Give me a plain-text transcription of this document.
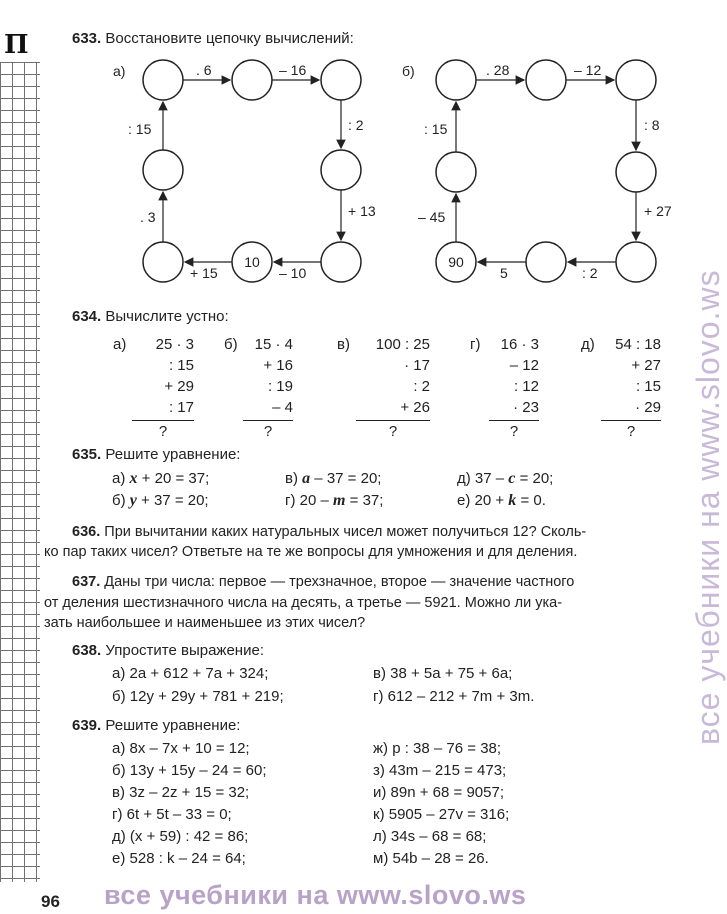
П	633. Восстановите цепочку вычислений:
а)	. 6	– 16
: 2
+ 13
– 10
+ 15
. 3
: 15
10
б)	. 28	– 12
: 8
+ 27
: 2
5
– 45
: 15
90
634. Вычислите устно:
а)	25 · 3
: 15
+ 29
: 17
?
б)	15 · 4
+ 16
: 19
– 4
?
в)	100 : 25
· 17
: 2
+ 26
?
г)	16 · 3
– 12
: 12
· 23
?
д)	54 : 18
+ 27
: 15
· 29
?
635. Решите уравнение:
а) x + 20 = 37;	в) a – 37 = 20;	д) 37 – c = 20;
б) y + 37 = 20;	г) 20 – m = 37;	е) 20 + k = 0.
636. При вычитании каких натуральных чисел может получиться 12? Сколь-
ко пар таких чисел? Ответьте на те же вопросы для умножения и для деления.
637. Даны три числа: первое — трехзначное, второе — значение частного
от деления шестизначного числа на десять, а третье — 5921. Можно ли ука-
зать наибольшее и наименьшее из этих чисел?
638. Упростите выражение:
а) 2a + 612 + 7a + 324;	в) 38 + 5a + 75 + 6a;
б) 12y + 29y + 781 + 219;	г) 612 – 212 + 7m + 3m.
639. Решите уравнение:
а) 8x – 7x + 10 = 12;
б) 13y + 15y – 24 = 60;
в) 3z – 2z + 15 = 32;
г) 6t + 5t – 33 = 0;
д) (x + 59) : 42 = 86;
е) 528 : k – 24 = 64;
ж) p : 38 – 76 = 38;
з) 43m – 215 = 473;
и) 89n + 68 = 9057;
к) 5905 – 27v = 316;
л) 34s – 68 = 68;
м) 54b – 28 = 26.
96 все учебники на www.slovo.ws
все учебники на www.slovo.ws
